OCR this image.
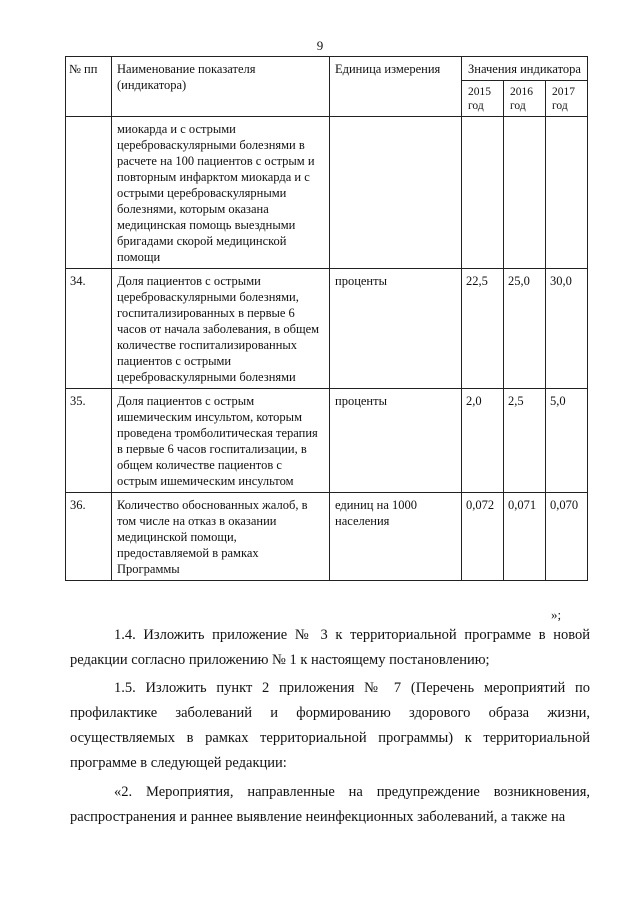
9
№ пп	Наименование показателя (индикатора)	Единица измерения	Значения индикатора		
			2015 год	2016 год	2017 год
	миокарда и с острыми цереброваскулярными болезнями в расчете на 100 пациентов с острым и повторным инфарктом миокарда и с острыми цереброваскулярными болезнями, которым оказана медицинская помощь выездными бригадами скорой медицинской помощи				
34.	Доля пациентов с острыми цереброваскулярными болезнями, госпитализированных в первые 6 часов от начала заболевания, в общем количестве госпитализированных пациентов с острыми цереброваскулярными болезнями	проценты	22,5	25,0	30,0
35.	Доля пациентов с острым ишемическим инсультом, которым проведена тромболитическая терапия в первые 6 часов госпитализации, в общем количестве пациентов с острым ишемическим инсультом	проценты	2,0	2,5	5,0
36.	Количество обоснованных жалоб, в том числе на отказ в оказании медицинской помощи, предоставляемой в рамках Программы	единиц на 1000 населения	0,072	0,071	0,070
»;

1.4. Изложить приложение № 3 к территориальной программе в новой редакции согласно приложению № 1 к настоящему постановлению;

1.5. Изложить пункт 2 приложения № 7 (Перечень мероприятий по профилактике заболеваний и формированию здорового образа жизни, осуществляемых в рамках территориальной программы) к территориальной программе в следующей редакции:

«2. Мероприятия, направленные на предупреждение возникновения, распространения и раннее выявление неинфекционных заболеваний, а также на
